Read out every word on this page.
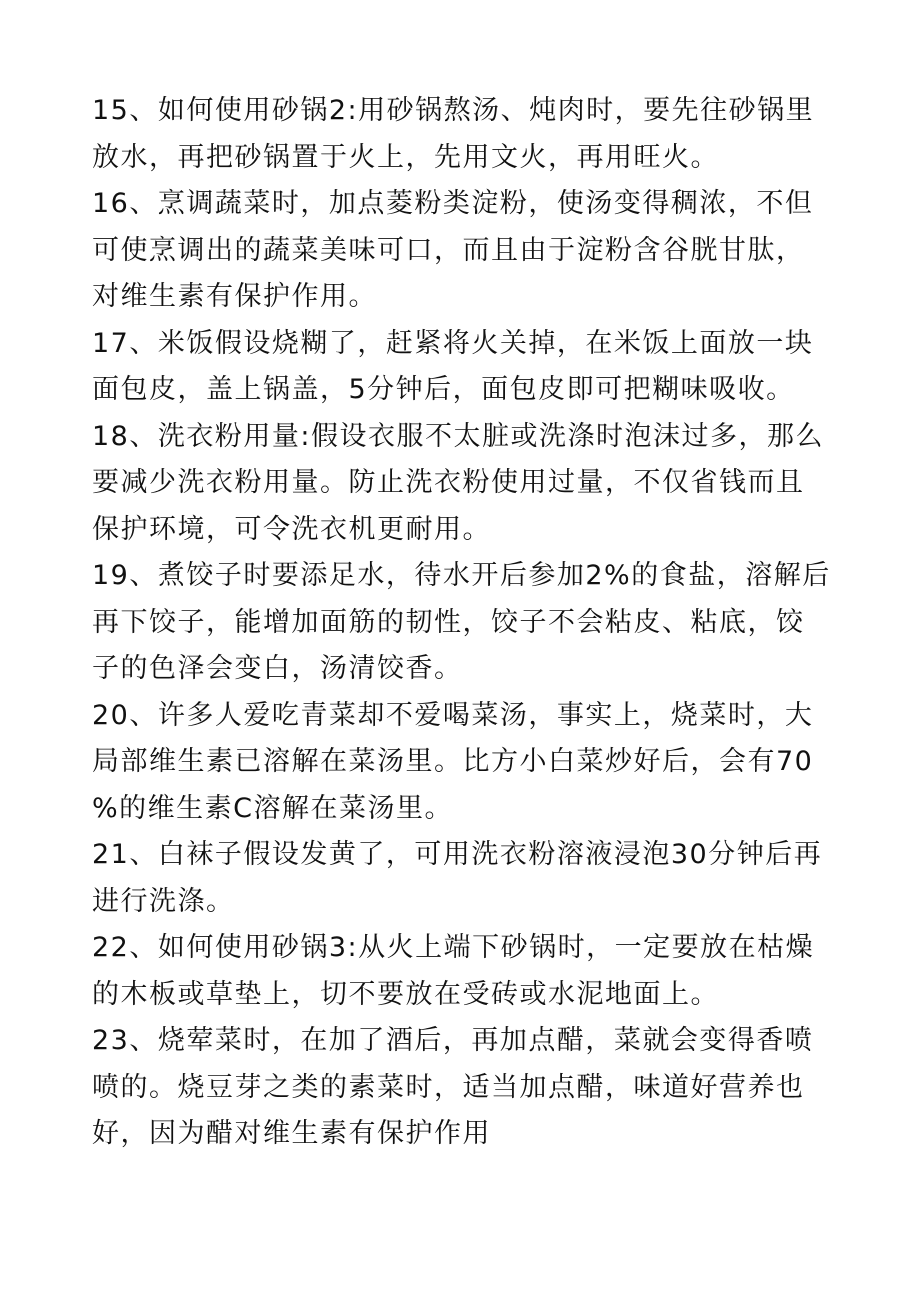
15、如何使用砂锅2:用砂锅熬汤、炖肉时，要先往砂锅里放水，再把砂锅置于火上，先用文火，再用旺火。

16、烹调蔬菜时，加点菱粉类淀粉，使汤变得稠浓，不但可使烹调出的蔬菜美味可口，而且由于淀粉含谷胱甘肽，对维生素有保护作用。

17、米饭假设烧糊了，赶紧将火关掉，在米饭上面放一块面包皮，盖上锅盖，5分钟后，面包皮即可把糊味吸收。

18、洗衣粉用量:假设衣服不太脏或洗涤时泡沫过多，那么要减少洗衣粉用量。防止洗衣粉使用过量，不仅省钱而且保护环境，可令洗衣机更耐用。

19、煮饺子时要添足水，待水开后参加2%的食盐，溶解后再下饺子，能增加面筋的韧性，饺子不会粘皮、粘底，饺子的色泽会变白，汤清饺香。

20、许多人爱吃青菜却不爱喝菜汤，事实上，烧菜时，大局部维生素已溶解在菜汤里。比方小白菜炒好后，会有70%的维生素C溶解在菜汤里。

21、白袜子假设发黄了，可用洗衣粉溶液浸泡30分钟后再进行洗涤。

22、如何使用砂锅3:从火上端下砂锅时，一定要放在枯燥的木板或草垫上，切不要放在受砖或水泥地面上。

23、烧荤菜时，在加了酒后，再加点醋，菜就会变得香喷喷的。烧豆芽之类的素菜时，适当加点醋，味道好营养也好，因为醋对维生素有保护作用
